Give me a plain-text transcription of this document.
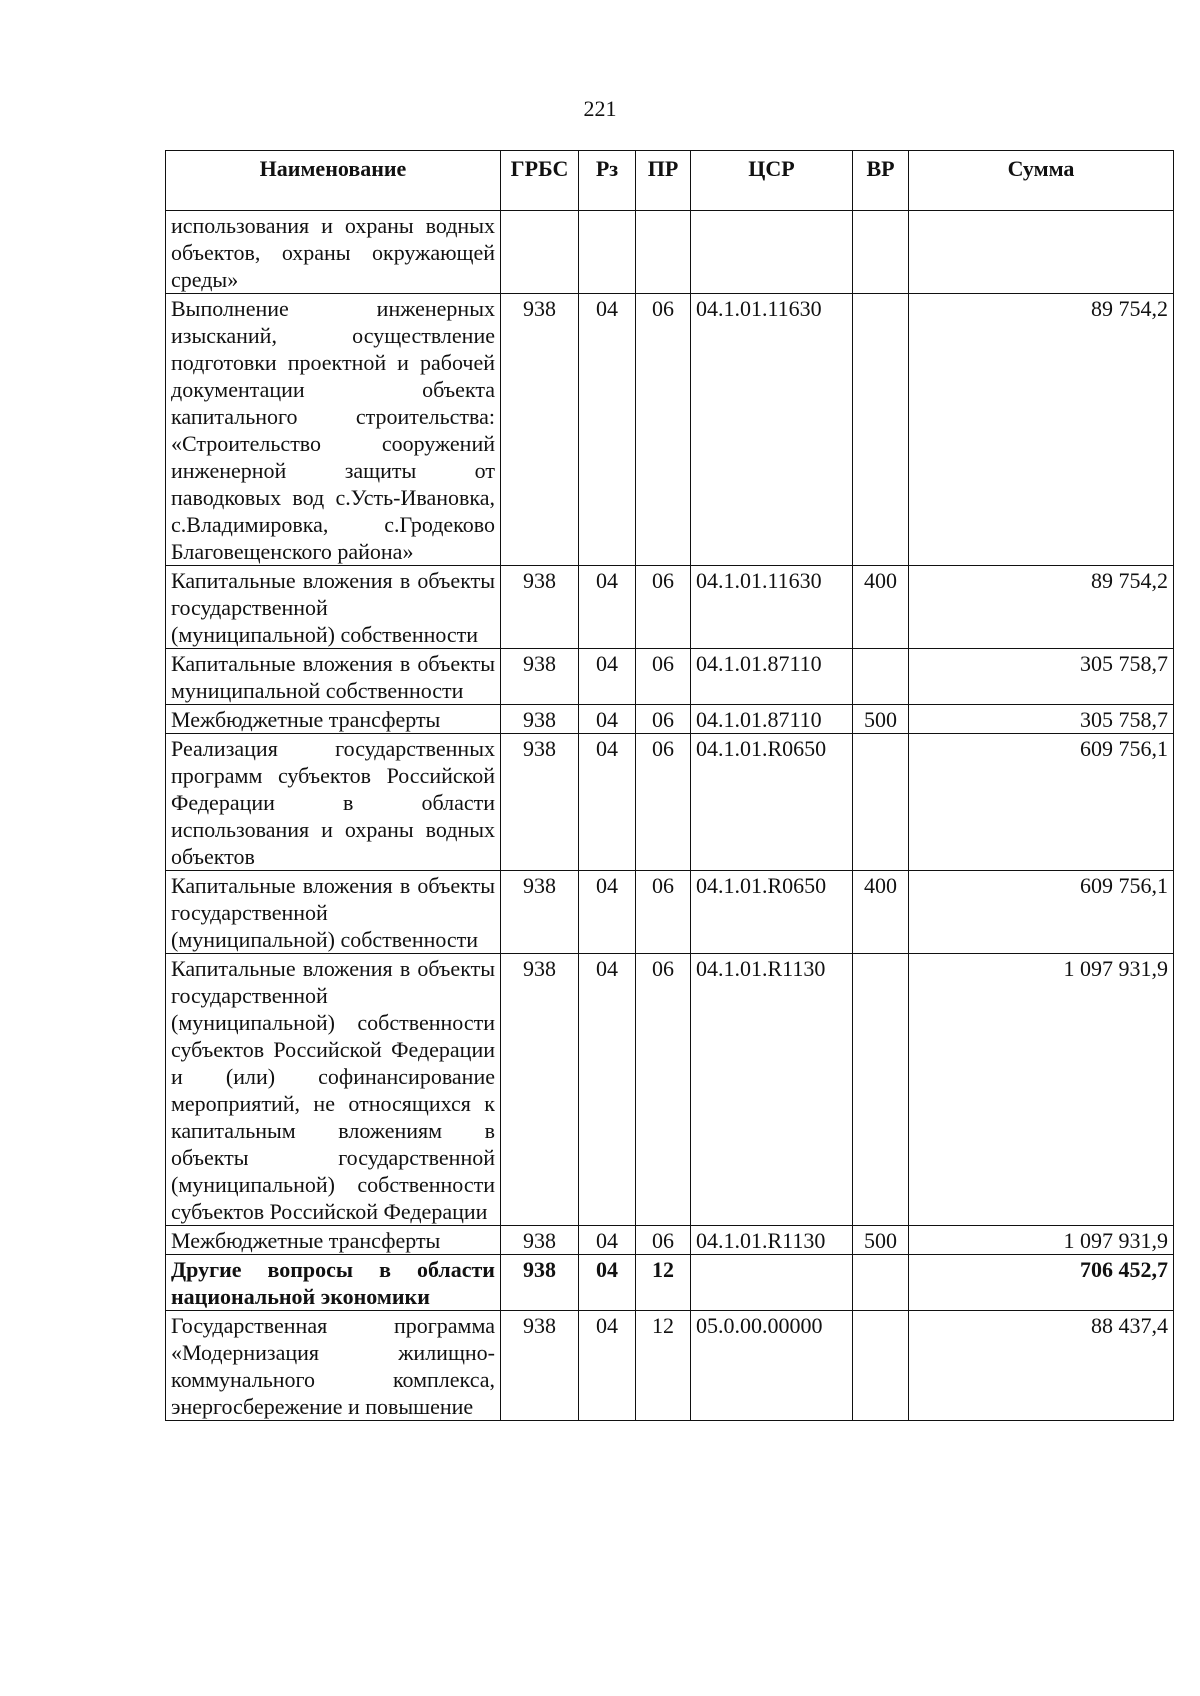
221
Наименование	ГРБС	Рз	ПР	ЦСР	ВР	Сумма
использования и охраны водных объектов, охраны окружающей среды»						
Выполнение инженерных изысканий, осуществление подготовки проектной и рабочей документации объекта капитального строительства: «Строительство сооружений инженерной защиты от паводковых вод с.Усть-Ивановка, с.Владимировка, с.Гродеково Благовещенского района»	938	04	06	04.1.01.11630		89 754,2
Капитальные вложения в объекты государственной (муниципальной) собственности	938	04	06	04.1.01.11630	400	89 754,2
Капитальные вложения в объекты муниципальной собственности	938	04	06	04.1.01.87110		305 758,7
Межбюджетные трансферты	938	04	06	04.1.01.87110	500	305 758,7
Реализация государственных программ субъектов Российской Федерации в области использования и охраны водных объектов	938	04	06	04.1.01.R0650		609 756,1
Капитальные вложения в объекты государственной (муниципальной) собственности	938	04	06	04.1.01.R0650	400	609 756,1
Капитальные вложения в объекты государственной (муниципальной) собственности субъектов Российской Федерации и (или) софинансирование мероприятий, не относящихся к капитальным вложениям в объекты государственной (муниципальной) собственности субъектов Российской Федерации	938	04	06	04.1.01.R1130		1 097 931,9
Межбюджетные трансферты	938	04	06	04.1.01.R1130	500	1 097 931,9
Другие вопросы в области национальной экономики	938	04	12			706 452,7
Государственная программа «Модернизация жилищно-коммунального комплекса, энергосбережение и повышение	938	04	12	05.0.00.00000		88 437,4
